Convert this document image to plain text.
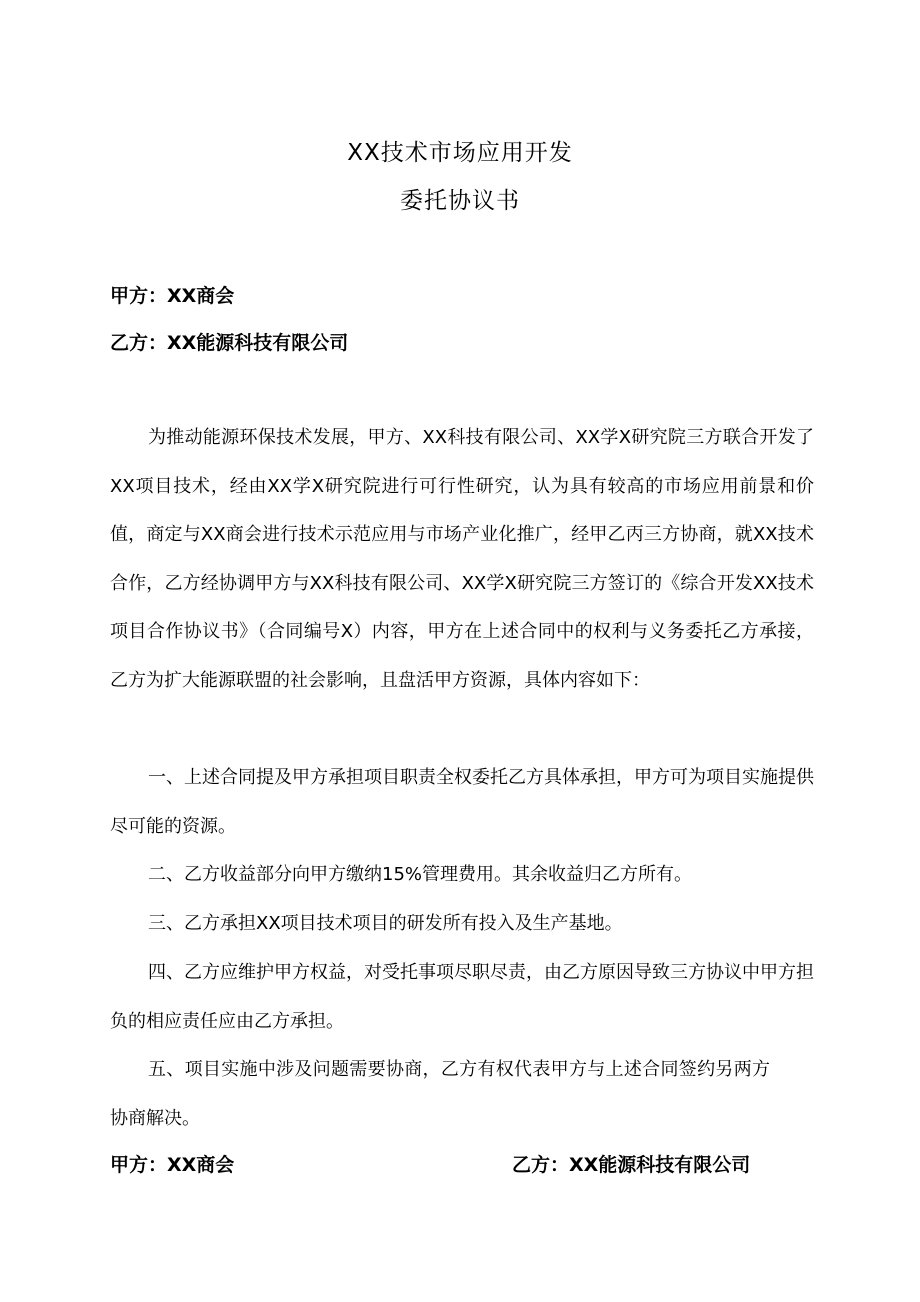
XX技术市场应用开发
委托协议书
甲方：XX商会
乙方：XX能源科技有限公司
为推动能源环保技术发展，甲方、XX科技有限公司、XX学X研究院三方联合开发了XX项目技术，经由XX学X研究院进行可行性研究，认为具有较高的市场应用前景和价值，商定与XX商会进行技术示范应用与市场产业化推广，经甲乙丙三方协商，就XX技术合作，乙方经协调甲方与XX科技有限公司、XX学X研究院三方签订的《综合开发XX技术项目合作协议书》（合同编号X）内容，甲方在上述合同中的权利与义务委托乙方承接，乙方为扩大能源联盟的社会影响，且盘活甲方资源，具体内容如下：
一、上述合同提及甲方承担项目职责全权委托乙方具体承担，甲方可为项目实施提供尽可能的资源。
二、乙方收益部分向甲方缴纳15%管理费用。其余收益归乙方所有。
三、乙方承担XX项目技术项目的研发所有投入及生产基地。
四、乙方应维护甲方权益，对受托事项尽职尽责，由乙方原因导致三方协议中甲方担负的相应责任应由乙方承担。
五、项目实施中涉及问题需要协商，乙方有权代表甲方与上述合同签约另两方协商解决。
甲方：XX商会	乙方：XX能源科技有限公司
